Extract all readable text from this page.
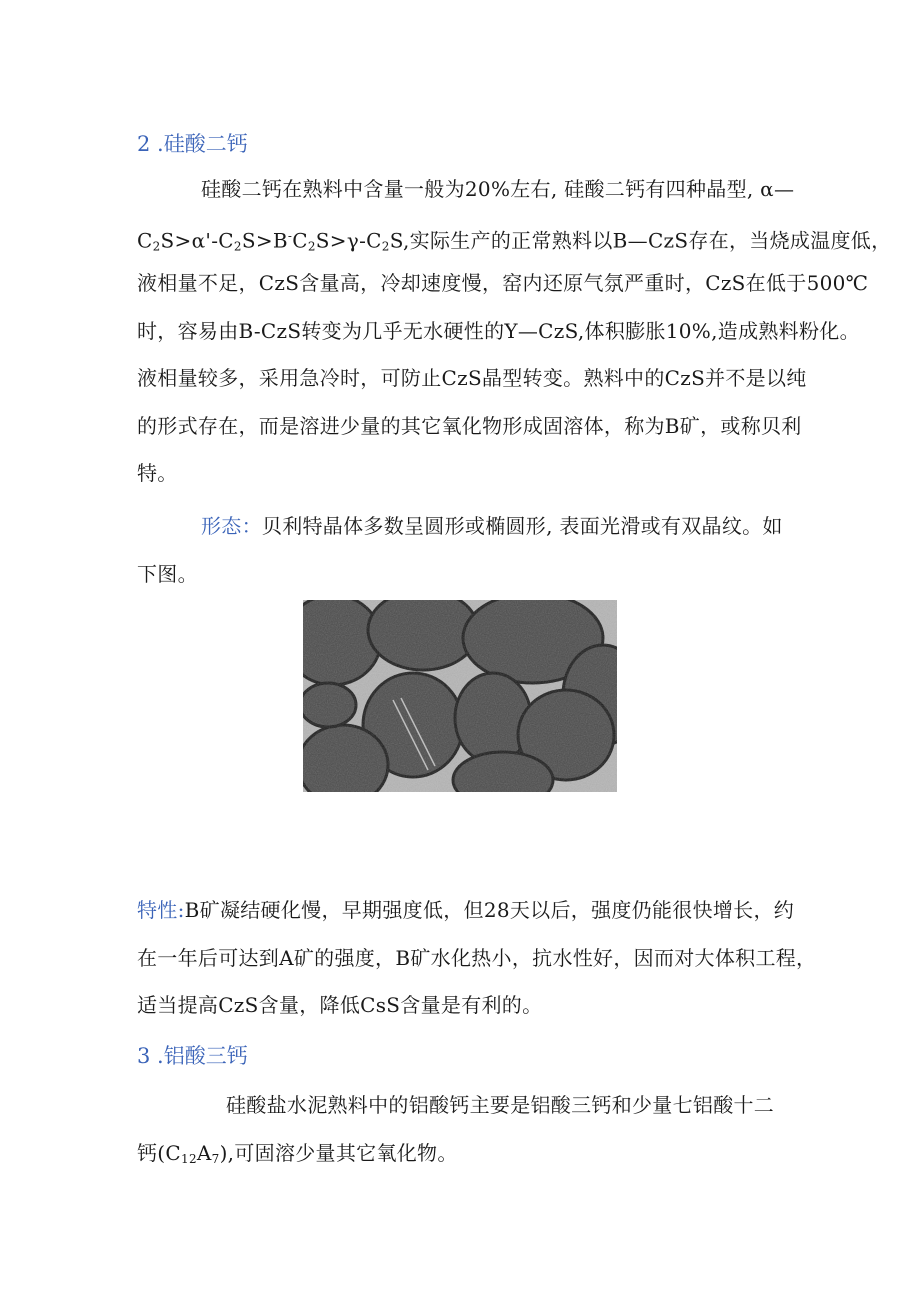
2 .硅酸二钙
硅酸二钙在熟料中含量一般为20%左右, 硅酸二钙有四种晶型, α—
$C_2S>\alpha'-C_2S>B^-C_2S>\gamma-C_2S$,实际生产的正常熟料以B—CzS存在，当烧成温度低，
液相量不足，CzS含量高，冷却速度慢，窑内还原气氛严重时，CzS在低于500℃
时，容易由B-CzS转变为几乎无水硬性的Y—CzS,体积膨胀10%,造成熟料粉化。
液相量较多，采用急冷时，可防止CzS晶型转变。熟料中的CzS并不是以纯
的形式存在，而是溶进少量的其它氧化物形成固溶体，称为B矿，或称贝利
特。
形态：贝利特晶体多数呈圆形或椭圆形, 表面光滑或有双晶纹。如
下图。
特性:B矿凝结硬化慢，早期强度低，但28天以后，强度仍能很快增长，约
在一年后可达到A矿的强度，B矿水化热小，抗水性好，因而对大体积工程，
适当提高CzS含量，降低CsS含量是有利的。
3 .铝酸三钙
硅酸盐水泥熟料中的铝酸钙主要是铝酸三钙和少量七铝酸十二
钙$(C_{12}A_7)$,可固溶少量其它氧化物。
